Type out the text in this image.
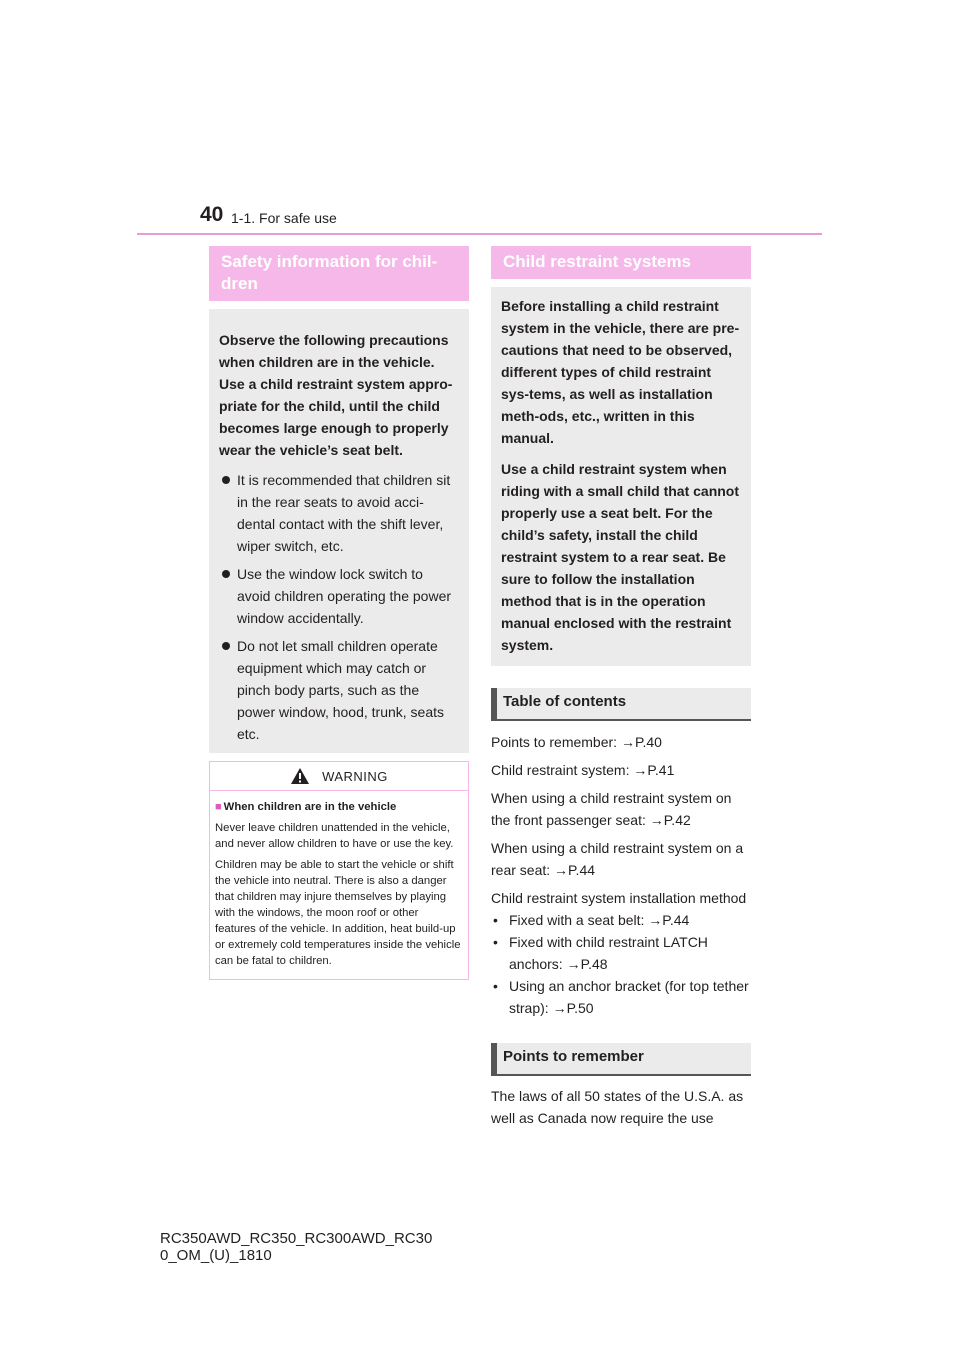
40 1-1. For safe use
Safety information for chil-
dren

Observe the following precautions when children are in the vehicle. Use a child restraint system appro-priate for the child, until the child becomes large enough to properly wear the vehicle’s seat belt.

It is recommended that children sit in the rear seats to avoid acci-dental contact with the shift lever, wiper switch, etc.
Use the window lock switch to avoid children operating the power window accidentally.
Do not let small children operate equipment which may catch or pinch body parts, such as the power window, hood, trunk, seats etc.
WARNING

■ When children are in the vehicle

Never leave children unattended in the vehicle, and never allow children to have or use the key.

Children may be able to start the vehicle or shift the vehicle into neutral. There is also a danger that children may injure themselves by playing with the windows, the moon roof or other features of the vehicle. In addition, heat build-up or extremely cold temperatures inside the vehicle can be fatal to children.

Child restraint systems

Before installing a child restraint system in the vehicle, there are pre-cautions that need to be observed, different types of child restraint sys-tems, as well as installation meth-ods, etc., written in this manual.

Use a child restraint system when riding with a small child that cannot properly use a seat belt. For the child’s safety, install the child restraint system to a rear seat. Be sure to follow the installation method that is in the operation manual enclosed with the restraint system.

Table of contents

Points to remember: →P.40

Child restraint system: →P.41

When using a child restraint system on the front passenger seat: →P.42

When using a child restraint system on a rear seat: →P.44

Child restraint system installation method

• Fixed with a seat belt: →P.44

• Fixed with child restraint LATCH anchors: →P.48

• Using an anchor bracket (for top tether strap): →P.50

Points to remember

The laws of all 50 states of the U.S.A. as well as Canada now require the use

RC350AWD_RC350_RC300AWD_RC30
0_OM_(U)_1810
